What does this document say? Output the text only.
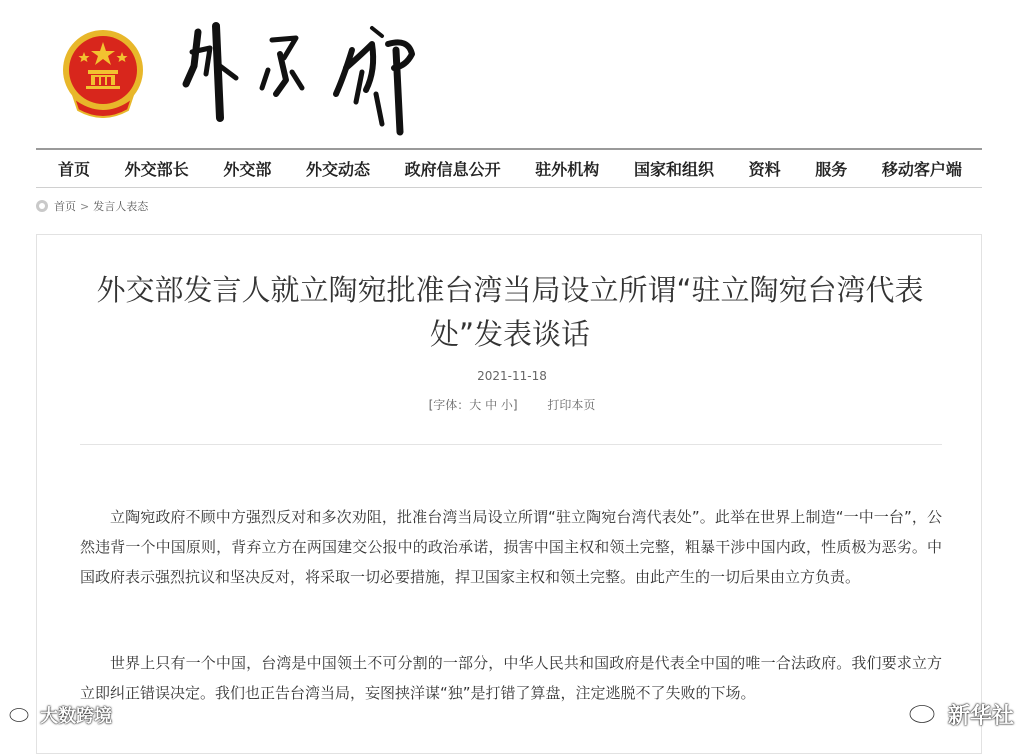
首页 外交部长 外交部 外交动态 政府信息公开 驻外机构 国家和组织 资料 服务 移动客户端
首页 > 发言人表态
外交部发言人就立陶宛批准台湾当局设立所谓“驻立陶宛台湾代表处”发表谈话
2021-11-18
[字体：大 中 小] 打印本页

立陶宛政府不顾中方强烈反对和多次劝阻，批准台湾当局设立所谓“驻立陶宛台湾代表处”。此举在世界上制造“一中一台”，公然违背一个中国原则，背弃立方在两国建交公报中的政治承诺，损害中国主权和领土完整，粗暴干涉中国内政，性质极为恶劣。中国政府表示强烈抗议和坚决反对，将采取一切必要措施，捍卫国家主权和领土完整。由此产生的一切后果由立方负责。

世界上只有一个中国，台湾是中国领土不可分割的一部分，中华人民共和国政府是代表全中国的唯一合法政府。我们要求立方立即纠正错误决定。我们也正告台湾当局，妄图挟洋谋“独”是打错了算盘，注定逃脱不了失败的下场。

大数跨境	新华社
